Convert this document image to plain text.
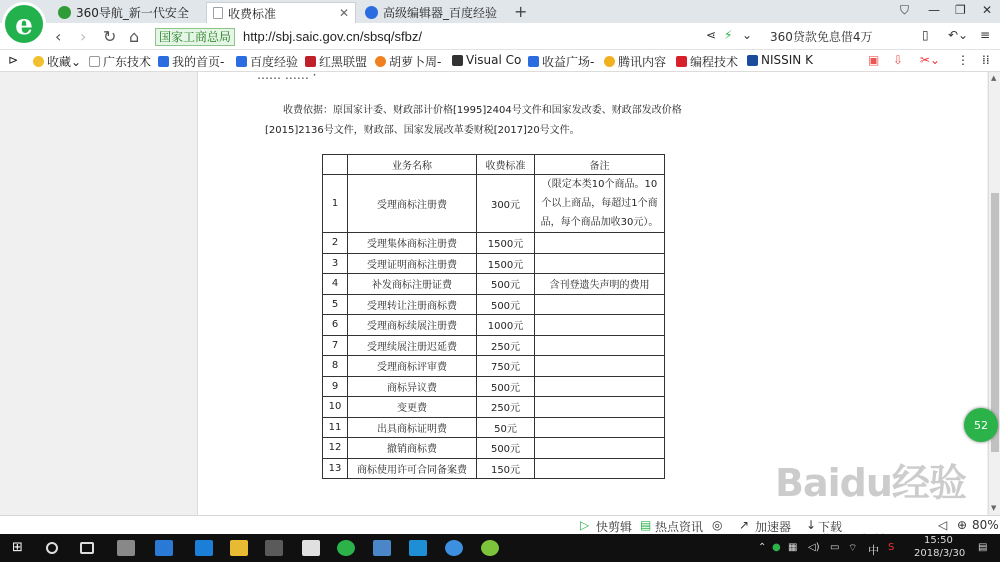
360导航_新一代安全	收费标准	✕	高级编辑器_百度经验 +	⛉ — ❐ ✕
e	‹ › ↻ ⌂	国家工商总局 http://sbj.saic.gov.cn/sbsq/sfbz/	⋖ ⚡ ⌄ 360贷款免息借4万	▯ ↶⌄ ≡
⊳ 收藏 ⌄ 广东技术 我的首页- 百度经验 红黑联盟 胡萝卜周- Visual Co 收益广场- 腾讯内容 编程技术 NISSIN K	▣ ⇩ ✂⌄ ⋮ ⁞⁞
…… …… ·

收费依据：原国家计委、财政部计价格[1995]2404号文件和国家发改委、财政部发改价格[2015]2136号文件，财政部、国家发展改革委财税[2017]20号文件。

	业务名称	收费标准	备注
1	受理商标注册费	300元	（限定本类10个商品。10个以上商品，每超过1个商品，每个商品加收30元）。
2	受理集体商标注册费	1500元	
3	受理证明商标注册费	1500元	
4	补发商标注册证费	500元	含刊登遗失声明的费用
5	受理转让注册商标费	500元	
6	受理商标续展注册费	1000元	
7	受理续展注册迟延费	250元	
8	受理商标评审费	750元	
9	商标异议费	500元	
10	变更费	250元	
11	出具商标证明费	50元	
12	撤销商标费	500元	
13	商标使用许可合同备案费	150元	
▲
▼
52
Baidu经验
▷ 快剪辑 ▤ 热点资讯 ◎ ↗ 加速器 ↓ 下载	◁ ⊕ 80%
⊞	⌃ ● ▦ ◁) ▭ ⌔ 中 S
15:50
2018/3/30
▤
